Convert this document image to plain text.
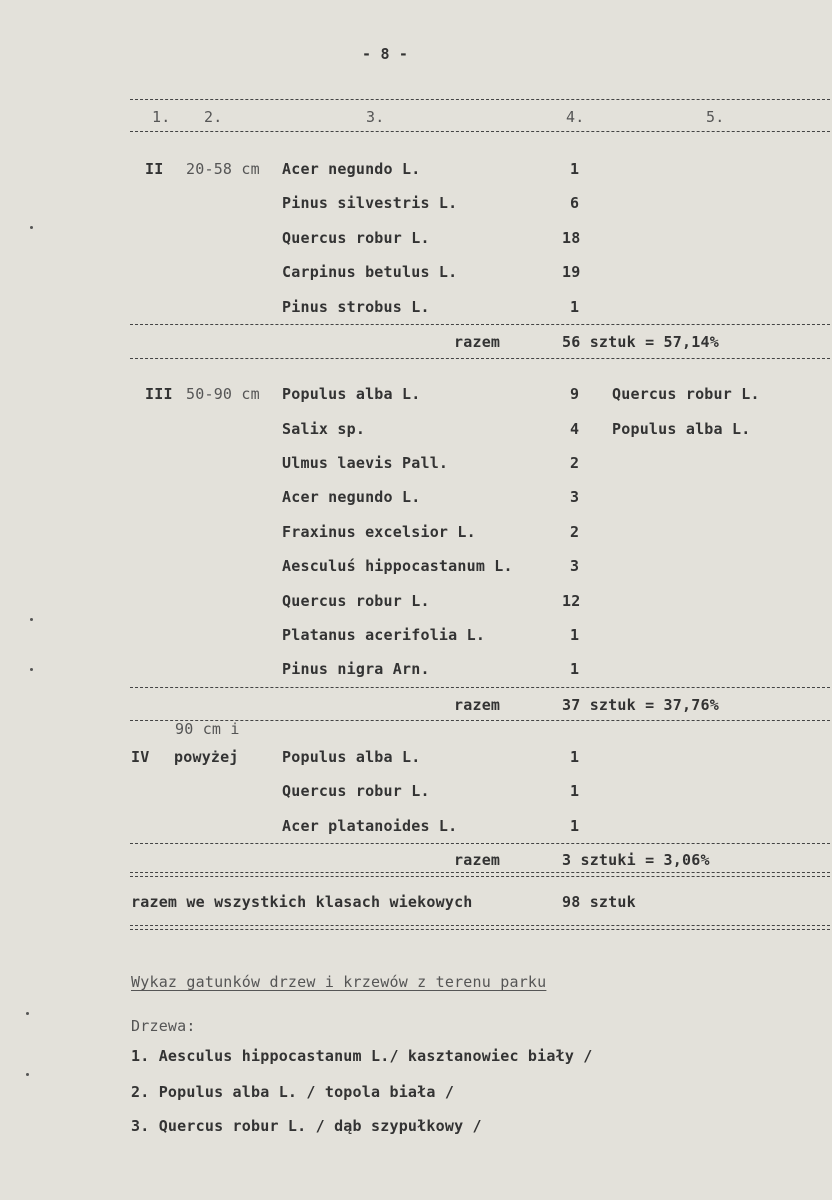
- 8 -
1. 2.	3.	4.	5.
II 20-58 cm Acer negundo L.	1
Pinus silvestris L.	6
Quercus robur L.	18
Carpinus betulus L.	19
Pinus strobus L.	1
razem	56 sztuk = 57,14%
III 50-90 cm Populus alba L.	9 Quercus robur L.
Salix sp.	4 Populus alba L.
Ulmus laevis Pall.	2
Acer negundo L.	3
Fraxinus excelsior L.	2
Aesculuś hippocastanum L.	3
Quercus robur L.	12
Platanus acerifolia L.	1
Pinus nigra Arn.	1
razem	37 sztuk = 37,76%
90 cm i
IV powyżej	Populus alba L.	1
Quercus robur L.	1
Acer platanoides L.	1
razem	3 sztuki = 3,06%
razem we wszystkich klasach wiekowych	98 sztuk
Wykaz gatunków drzew i krzewów z terenu parku
Drzewa:
1. Aesculus hippocastanum L./ kasztanowiec biały /
2. Populus alba L. / topola biała /
3. Quercus robur L. / dąb szypułkowy /
